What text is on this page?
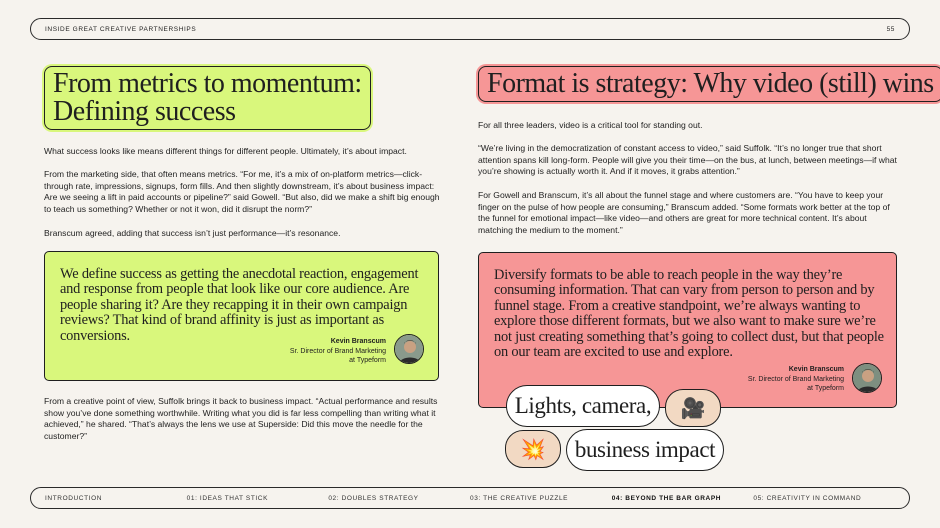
INSIDE GREAT CREATIVE PARTNERSHIPS	55
From metrics to momentum:
Defining success

What success looks like means different things for different people. Ultimately, it’s about impact.

From the marketing side, that often means metrics. “For me, it’s a mix of on-platform metrics—click-through rate, impressions, signups, form fills. And then slightly downstream, it’s about business impact: Are we seeing a lift in paid accounts or pipeline?” said Gowell. “But also, did we make a shift big enough to teach us something? Whether or not it won, did it disrupt the norm?”

Branscum agreed, adding that success isn’t just performance—it’s resonance.

We define success as getting the anecdotal reaction, engagement and response from people that look like our core audience. Are people sharing it? Are they recapping it in their own campaign reviews? That kind of brand affinity is just as important as conversions.	Kevin Branscum
Sr. Director of Brand Marketing
at Typeform

From a creative point of view, Suffolk brings it back to business impact. “Actual performance and results show you’ve done something worthwhile. Writing what you did is far less compelling than writing what it achieved,” he shared. “That’s always the lens we use at Superside: Did this move the needle for the customer?”

Format is strategy: Why video (still) wins

For all three leaders, video is a critical tool for standing out.

“We’re living in the democratization of constant access to video,” said Suffolk. “It’s no longer true that short attention spans kill long-form. People will give you their time—on the bus, at lunch, between meetings—if what you’re showing is actually worth it. And if it moves, it grabs attention.”

For Gowell and Branscum, it’s all about the funnel stage and where customers are. “You have to keep your finger on the pulse of how people are consuming,” Branscum added. “Some formats work better at the top of the funnel for emotional impact—like video—and others are great for more technical content. It’s about matching the medium to the moment.”

Diversify formats to be able to reach people in the way they’re consuming information. That can vary from person to person and by funnel stage. From a creative standpoint, we’re always wanting to explore those different formats, but we also want to make sure we’re not just creating something that’s going to collect dust, but that people on our team are excited to use and explore.
Kevin Branscum
Sr. Director of Brand Marketing
at Typeform
Lights, camera,	🎥
💥	business impact
INTRODUCTION	01: IDEAS THAT STICK	02: DOUBLES STRATEGY	03: THE CREATIVE PUZZLE	04: BEYOND THE BAR GRAPH	05: CREATIVITY IN COMMAND
